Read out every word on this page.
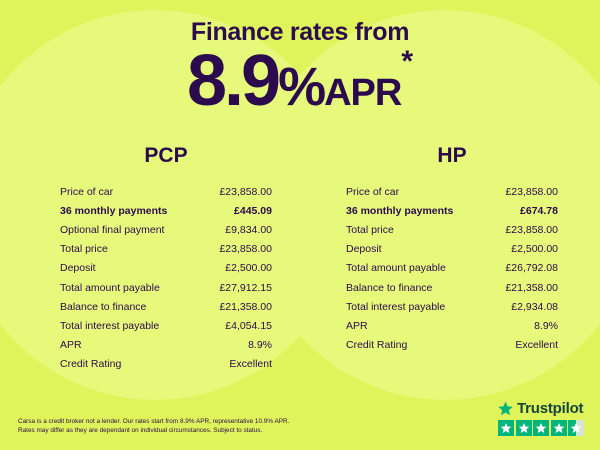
Finance rates from
8.9%APR*
PCP
Price of car	£23,858.00
36 monthly payments	£445.09
Optional final payment	£9,834.00
Total price	£23,858.00
Deposit	£2,500.00
Total amount payable	£27,912.15
Balance to finance	£21,358.00
Total interest payable	£4,054.15
APR	8.9%
Credit Rating	Excellent
HP
Price of car	£23,858.00
36 monthly payments	£674.78
Total price	£23,858.00
Deposit	£2,500.00
Total amount payable	£26,792.08
Balance to finance	£21,358.00
Total interest payable	£2,934.08
APR	8.9%
Credit Rating	Excellent
Carsa is a credit broker not a lender. Our rates start from 8.9% APR, representative 10.9% APR.
Rates may differ as they are dependant on individual circumstances. Subject to status.
Trustpilot
